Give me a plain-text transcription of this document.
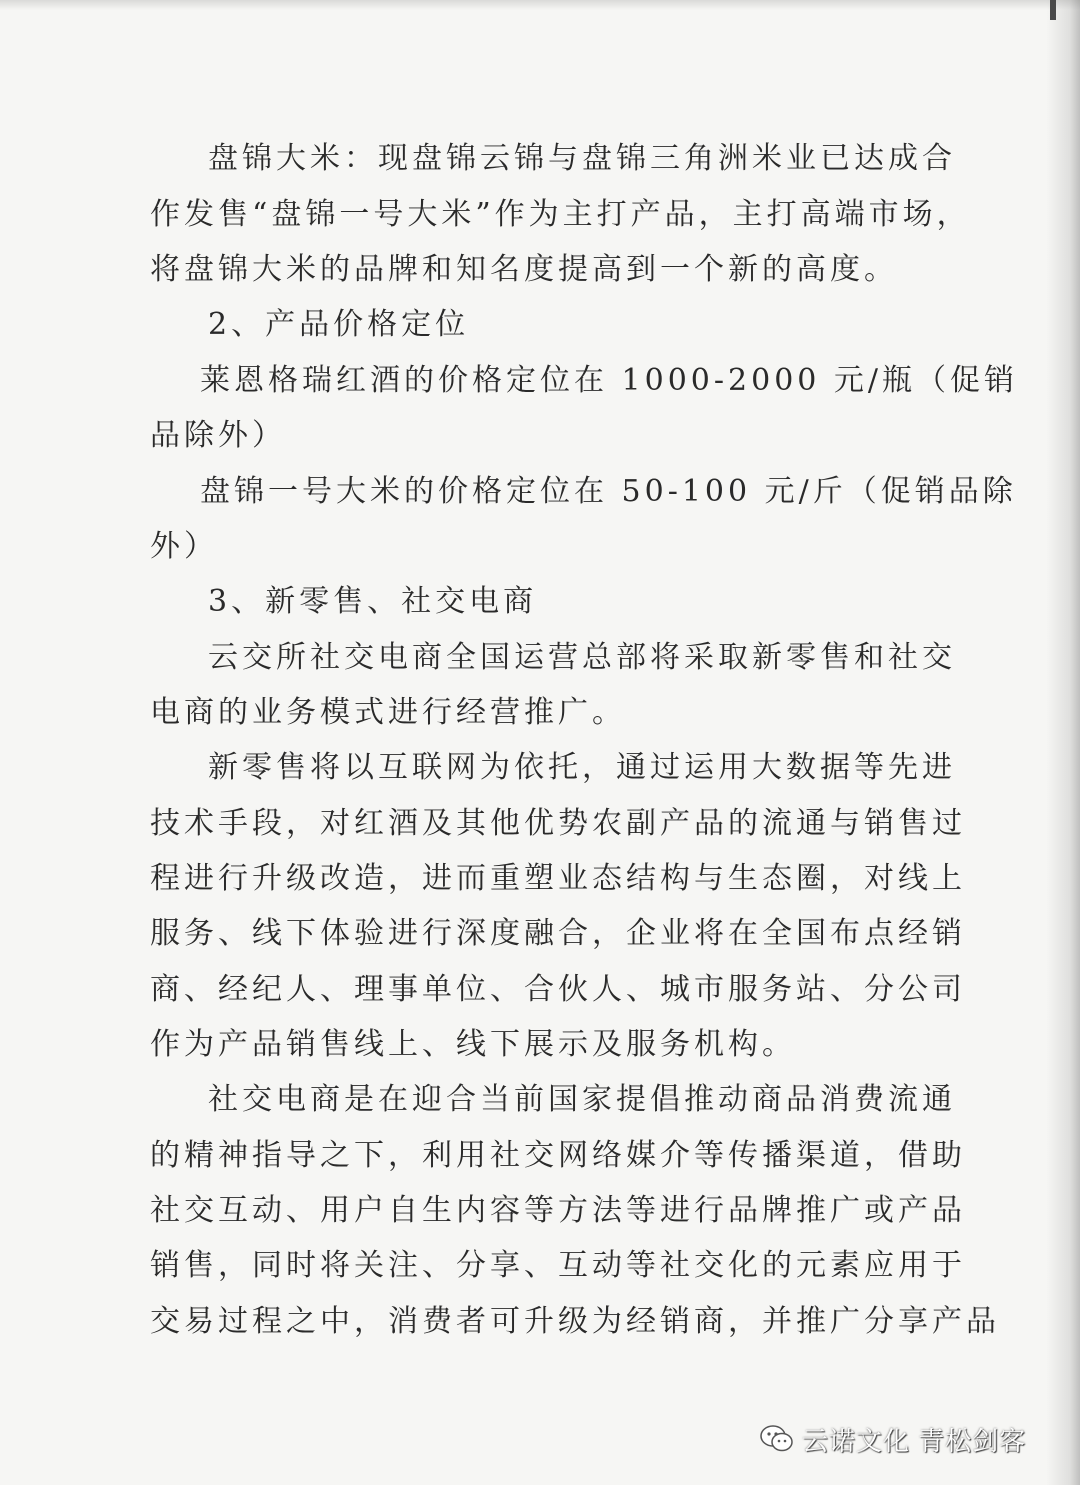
盘锦大米：现盘锦云锦与盘锦三角洲米业已达成合
作发售“盘锦一号大米”作为主打产品，主打高端市场，
将盘锦大米的品牌和知名度提高到一个新的高度。
2、产品价格定位
莱恩格瑞红酒的价格定位在 1000-2000 元/瓶（促销
品除外）
盘锦一号大米的价格定位在 50-100 元/斤（促销品除
外）
3、新零售、社交电商
云交所社交电商全国运营总部将采取新零售和社交
电商的业务模式进行经营推广。
新零售将以互联网为依托，通过运用大数据等先进
技术手段，对红酒及其他优势农副产品的流通与销售过
程进行升级改造，进而重塑业态结构与生态圈，对线上
服务、线下体验进行深度融合，企业将在全国布点经销
商、经纪人、理事单位、合伙人、城市服务站、分公司
作为产品销售线上、线下展示及服务机构。
社交电商是在迎合当前国家提倡推动商品消费流通
的精神指导之下，利用社交网络媒介等传播渠道，借助
社交互动、用户自生内容等方法等进行品牌推广或产品
销售，同时将关注、分享、互动等社交化的元素应用于
交易过程之中，消费者可升级为经销商，并推广分享产品
云诺文化 青松剑客
